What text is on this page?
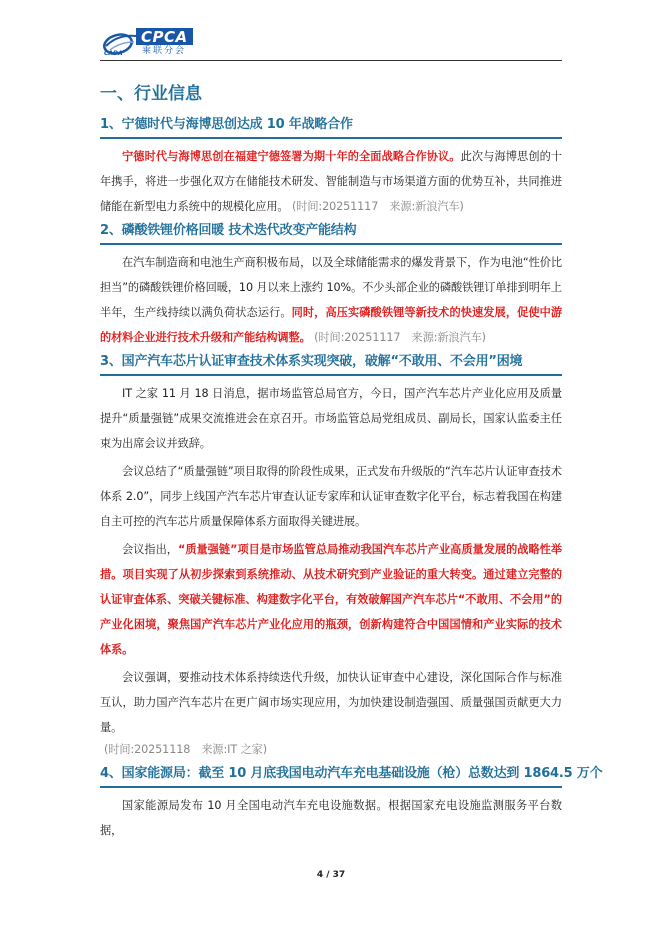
CPCA
乘联分会
CADA
一、行业信息
1、宁德时代与海博思创达成 10 年战略合作

宁德时代与海博思创在福建宁德签署为期十年的全面战略合作协议。此次与海博思创的十年携手，将进一步强化双方在储能技术研发、智能制造与市场渠道方面的优势互补，共同推进储能在新型电力系统中的规模化应用。 (时间:20251117　来源:新浪汽车)

2、磷酸铁锂价格回暖 技术迭代改变产能结构

在汽车制造商和电池生产商积极布局，以及全球储能需求的爆发背景下，作为电池“性价比担当”的磷酸铁锂价格回暖，10 月以来上涨约 10%。不少头部企业的磷酸铁锂订单排到明年上半年，生产线持续以满负荷状态运行。同时，高压实磷酸铁锂等新技术的快速发展，促使中游的材料企业进行技术升级和产能结构调整。 (时间:20251117　来源:新浪汽车)

3、国产汽车芯片认证审查技术体系实现突破，破解“不敢用、不会用”困境

IT 之家 11 月 18 日消息，据市场监管总局官方，今日，国产汽车芯片产业化应用及质量提升“质量强链”成果交流推进会在京召开。市场监管总局党组成员、副局长，国家认监委主任束为出席会议并致辞。

会议总结了“质量强链”项目取得的阶段性成果，正式发布升级版的“汽车芯片认证审查技术体系 2.0”，同步上线国产汽车芯片审查认证专家库和认证审查数字化平台，标志着我国在构建自主可控的汽车芯片质量保障体系方面取得关键进展。

会议指出，“质量强链”项目是市场监管总局推动我国汽车芯片产业高质量发展的战略性举措。项目实现了从初步探索到系统推动、从技术研究到产业验证的重大转变。通过建立完整的认证审查体系、突破关键标准、构建数字化平台，有效破解国产汽车芯片“不敢用、不会用”的产业化困境，聚焦国产汽车芯片产业化应用的瓶颈，创新构建符合中国国情和产业实际的技术体系。

会议强调，要推动技术体系持续迭代升级，加快认证审查中心建设，深化国际合作与标准互认，助力国产汽车芯片在更广阔市场实现应用，为加快建设制造强国、质量强国贡献更大力量。

(时间:20251118　来源:IT 之家)

4、国家能源局：截至 10 月底我国电动汽车充电基础设施（枪）总数达到 1864.5 万个

国家能源局发布 10 月全国电动汽车充电设施数据。根据国家充电设施监测服务平台数据，

4 / 37
